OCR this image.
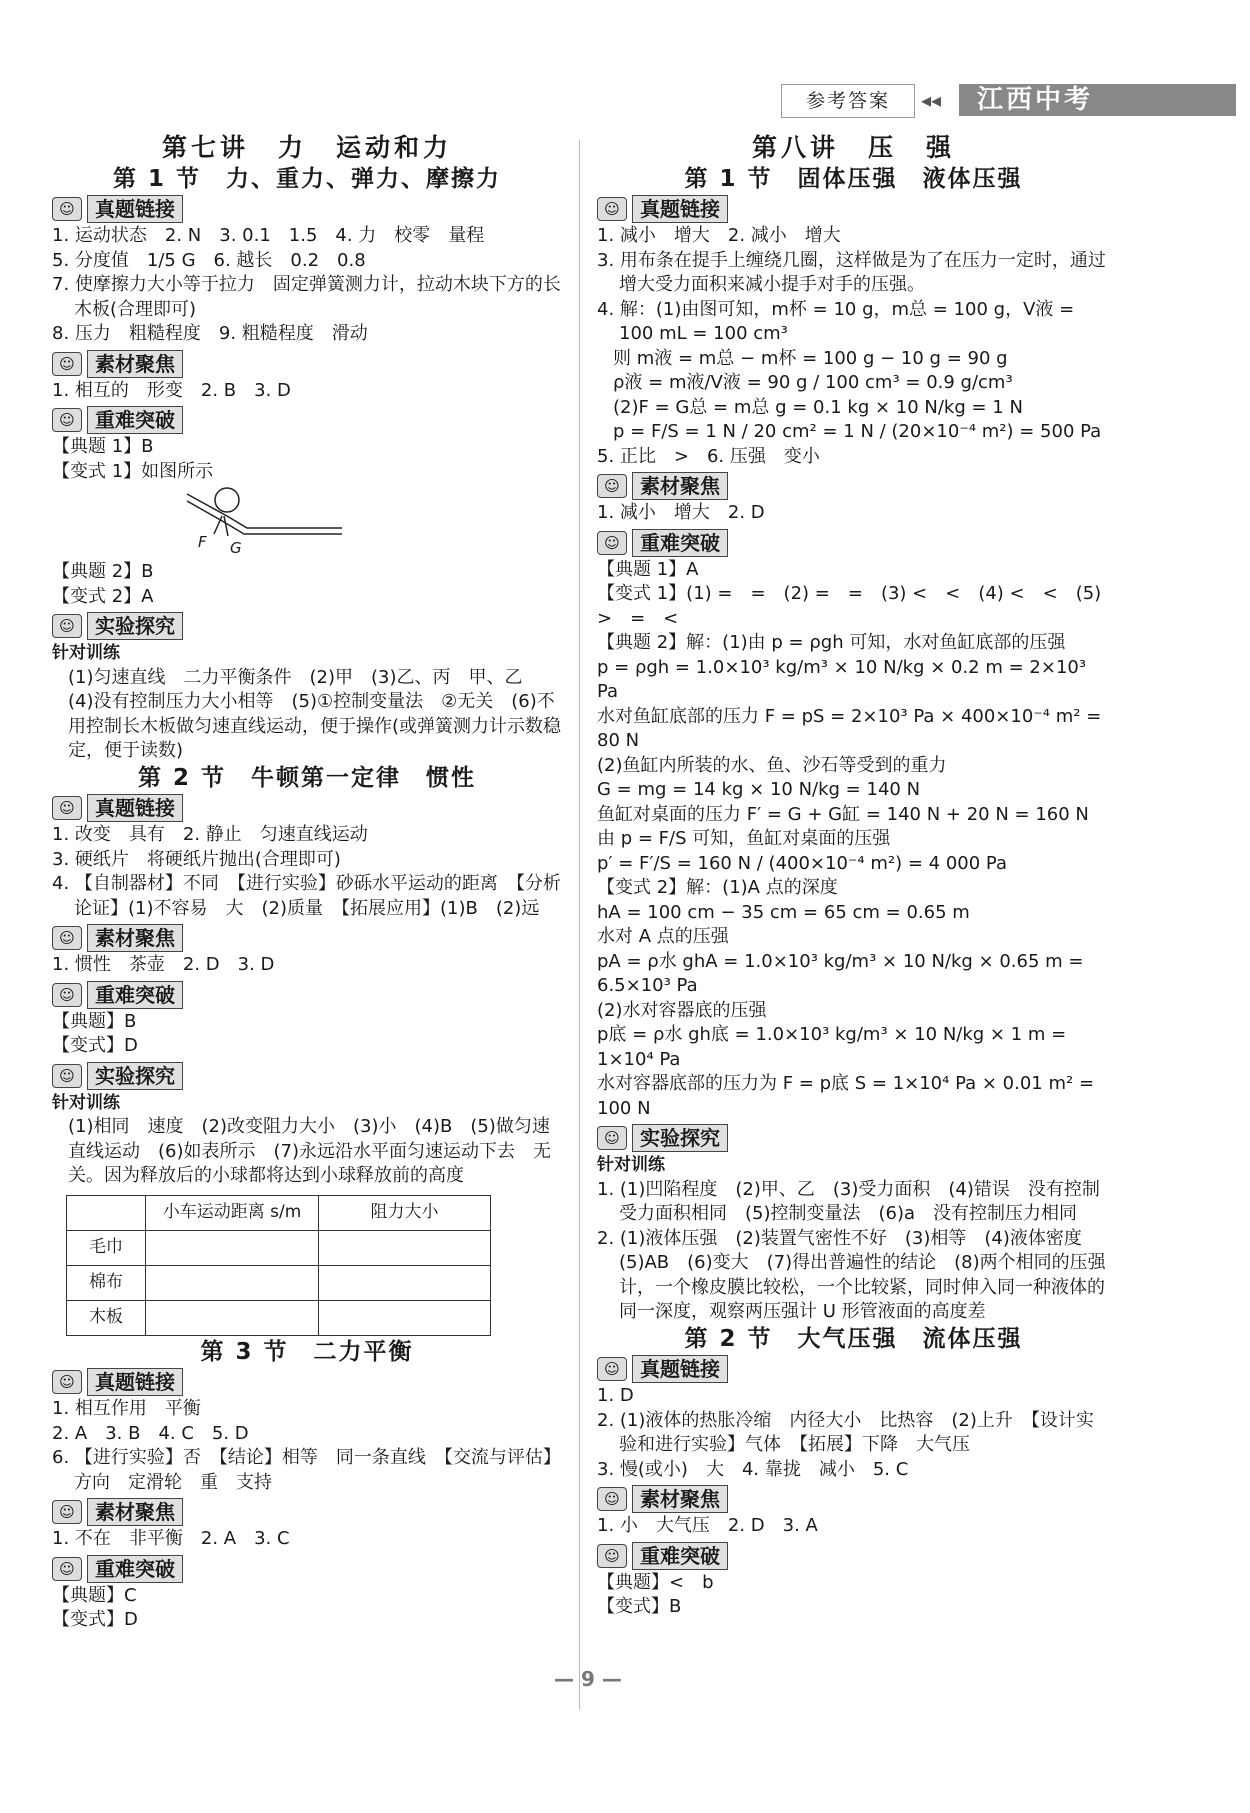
参考答案	◂◂	江西中考
第七讲　力　运动和力
第 1 节　力、重力、弹力、摩擦力
☺	真题链接

1. 运动状态　2. N　3. 0.1　1.5　4. 力　校零　量程

5. 分度值　1/5 G　6. 越长　0.2　0.8

7. 使摩擦力大小等于拉力　固定弹簧测力计，拉动木块下方的长木板(合理即可)

8. 压力　粗糙程度　9. 粗糙程度　滑动

☺	素材聚焦

1. 相互的　形变　2. B　3. D

☺	重难突破

【典题 1】B

【变式 1】如图所示

F G

【典题 2】B

【变式 2】A

☺	实验探究

针对训练

(1)匀速直线　二力平衡条件　(2)甲　(3)乙、丙　甲、乙　(4)没有控制压力大小相等　(5)①控制变量法　②无关　(6)不用控制长木板做匀速直线运动，便于操作(或弹簧测力计示数稳定，便于读数)

第 2 节　牛顿第一定律　惯性
☺	真题链接

1. 改变　具有　2. 静止　匀速直线运动

3. 硬纸片　将硬纸片抛出(合理即可)

4. 【自制器材】不同　【进行实验】砂砾水平运动的距离　【分析论证】(1)不容易　大　(2)质量　【拓展应用】(1)B　(2)远

☺	素材聚焦

1. 惯性　茶壶　2. D　3. D

☺	重难突破

【典题】B

【变式】D

☺	实验探究

针对训练

(1)相同　速度　(2)改变阻力大小　(3)小　(4)B　(5)做匀速直线运动　(6)如表所示　(7)永远沿水平面匀速运动下去　无关。因为释放后的小球都将达到小球释放前的高度

	小车运动距离 s/m	阻力大小
毛巾		
棉布		
木板		
第 3 节　二力平衡
☺	真题链接

1. 相互作用　平衡

2. A　3. B　4. C　5. D

6. 【进行实验】否　【结论】相等　同一条直线　【交流与评估】方向　定滑轮　重　支持

☺	素材聚焦

1. 不在　非平衡　2. A　3. C

☺	重难突破

【典题】C

【变式】D

第八讲　压　强
第 1 节　固体压强　液体压强
☺	真题链接

1. 减小　增大　2. 减小　增大

3. 用布条在提手上缠绕几圈，这样做是为了在压力一定时，通过增大受力面积来减小提手对手的压强。

4. 解：(1)由图可知，m杯 = 10 g，m总 = 100 g，V液 = 100 mL = 100 cm³

则 m液 = m总 − m杯 = 100 g − 10 g = 90 g

ρ液 = m液/V液 = 90 g / 100 cm³ = 0.9 g/cm³

(2)F = G总 = m总 g = 0.1 kg × 10 N/kg = 1 N

p = F/S = 1 N / 20 cm² = 1 N / (20×10⁻⁴ m²) = 500 Pa

5. 正比　>　6. 压强　变小

☺	素材聚焦

1. 减小　增大　2. D

☺	重难突破

【典题 1】A

【变式 1】(1) =　=　(2) =　=　(3) <　<　(4) <　<　(5) >　=　<

【典题 2】解：(1)由 p = ρgh 可知，水对鱼缸底部的压强

p = ρgh = 1.0×10³ kg/m³ × 10 N/kg × 0.2 m = 2×10³ Pa

水对鱼缸底部的压力 F = pS = 2×10³ Pa × 400×10⁻⁴ m² = 80 N

(2)鱼缸内所装的水、鱼、沙石等受到的重力

G = mg = 14 kg × 10 N/kg = 140 N

鱼缸对桌面的压力 F′ = G + G缸 = 140 N + 20 N = 160 N

由 p = F/S 可知，鱼缸对桌面的压强

p′ = F′/S = 160 N / (400×10⁻⁴ m²) = 4 000 Pa

【变式 2】解：(1)A 点的深度

hA = 100 cm − 35 cm = 65 cm = 0.65 m

水对 A 点的压强

pA = ρ水 ghA = 1.0×10³ kg/m³ × 10 N/kg × 0.65 m = 6.5×10³ Pa

(2)水对容器底的压强

p底 = ρ水 gh底 = 1.0×10³ kg/m³ × 10 N/kg × 1 m = 1×10⁴ Pa

水对容器底部的压力为 F = p底 S = 1×10⁴ Pa × 0.01 m² = 100 N

☺	实验探究

针对训练

1. (1)凹陷程度　(2)甲、乙　(3)受力面积　(4)错误　没有控制受力面积相同　(5)控制变量法　(6)a　没有控制压力相同

2. (1)液体压强　(2)装置气密性不好　(3)相等　(4)液体密度　(5)AB　(6)变大　(7)得出普遍性的结论　(8)两个相同的压强计，一个橡皮膜比较松，一个比较紧，同时伸入同一种液体的同一深度，观察两压强计 U 形管液面的高度差

第 2 节　大气压强　流体压强
☺	真题链接

1. D

2. (1)液体的热胀冷缩　内径大小　比热容　(2)上升　【设计实验和进行实验】气体　【拓展】下降　大气压

3. 慢(或小)　大　4. 靠拢　减小　5. C

☺	素材聚焦

1. 小　大气压　2. D　3. A

☺	重难突破

【典题】<　b

【变式】B

— 9 —
